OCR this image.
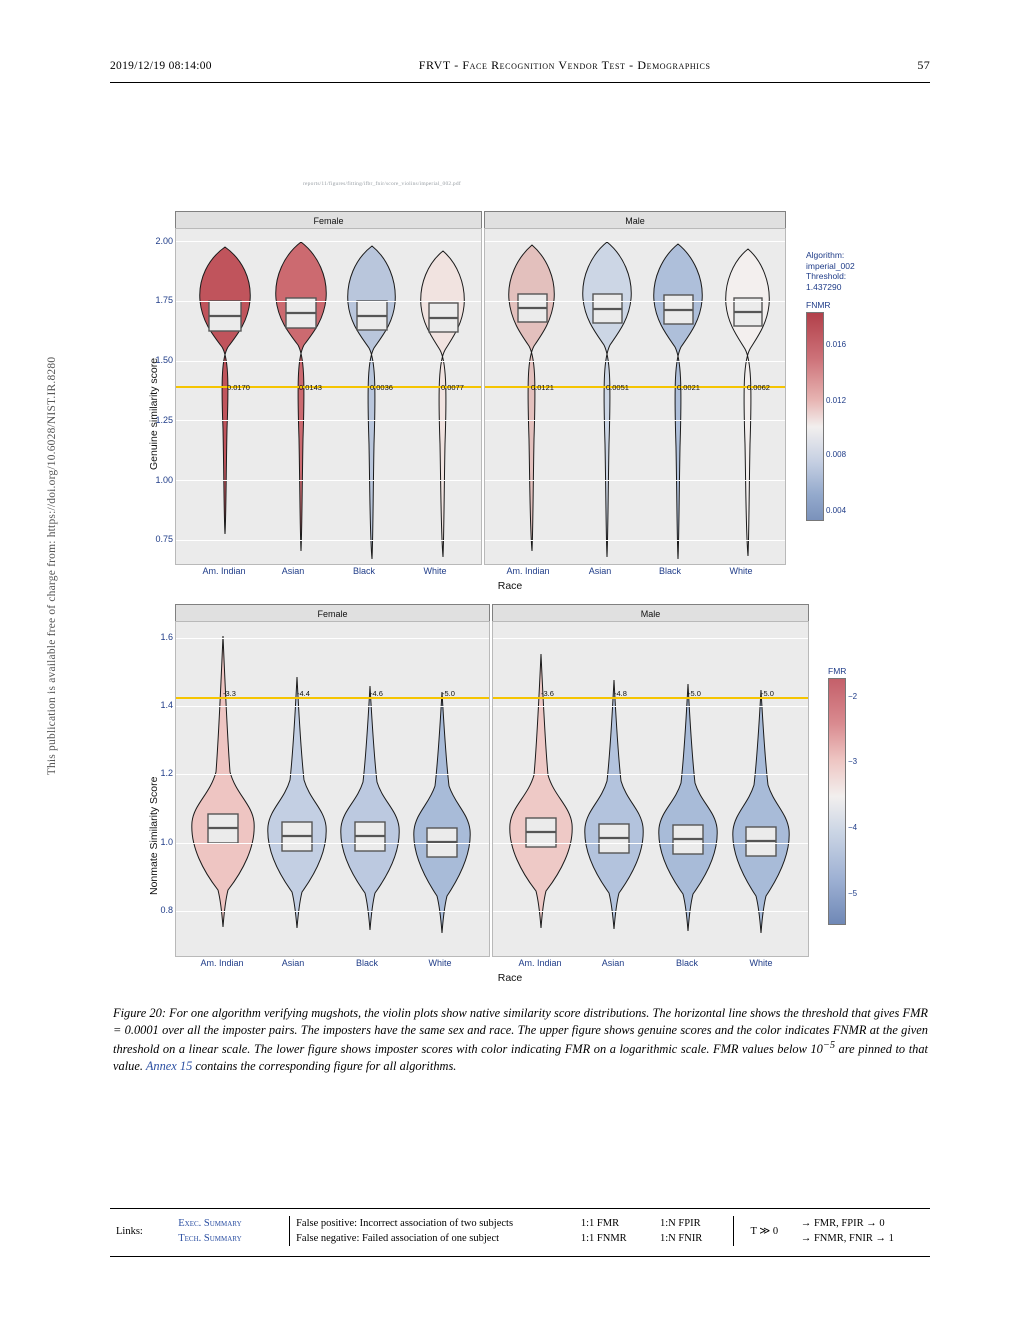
2019/12/19 08:14:00	FRVT - Face Recognition Vendor Test - Demographics	57
This publication is available free of charge from: https://doi.org/10.6028/NIST.IR.8280
reports/11/figures/fitting/ifbr_fnir/score_violins/imperial_002.pdf
Genuine similarity score
Race
Female	Male
2.00
1.75
1.50
1.25
1.00
0.75
0.0170	0.0143	0.0036	0.0077	0.0121	0.0051	0.0021	0.0062
Am. Indian	Asian	Black	White	Am. Indian	Asian	Black	White
Algorithm:
imperial_002
Threshold:
1.437290
FNMR
0.016
0.012
0.008
0.004
Nonmate Similarity Score
Race
Female	Male
1.6
1.4
1.2
1.0
0.8
-3.3	-4.4	-4.6	-5.0	-3.6	-4.8	-5.0	-5.0
Am. Indian	Asian	Black	White	Am. Indian	Asian	Black	White
FMR
−2
−3
−4
−5
Figure 20: For one algorithm verifying mugshots, the violin plots show native similarity score distributions. The horizontal line shows the threshold that gives FMR = 0.0001 over all the imposter pairs. The imposters have the same sex and race. The upper figure shows genuine scores and the color indicates FNMR at the given threshold on a linear scale. The lower figure shows imposter scores with color indicating FMR on a logarithmic scale. FMR values below $10^{-5}$ are pinned to that value. Annex 15 contains the corresponding figure for all algorithms.
Links:	Exec. Summary	False positive: Incorrect association of two subjects	1:1 FMR	1:N FPIR	T ≫ 0	→ FMR, FPIR → 0
	Tech. Summary	False negative: Failed association of one subject	1:1 FNMR	1:N FNIR		→ FNMR, FNIR → 1
